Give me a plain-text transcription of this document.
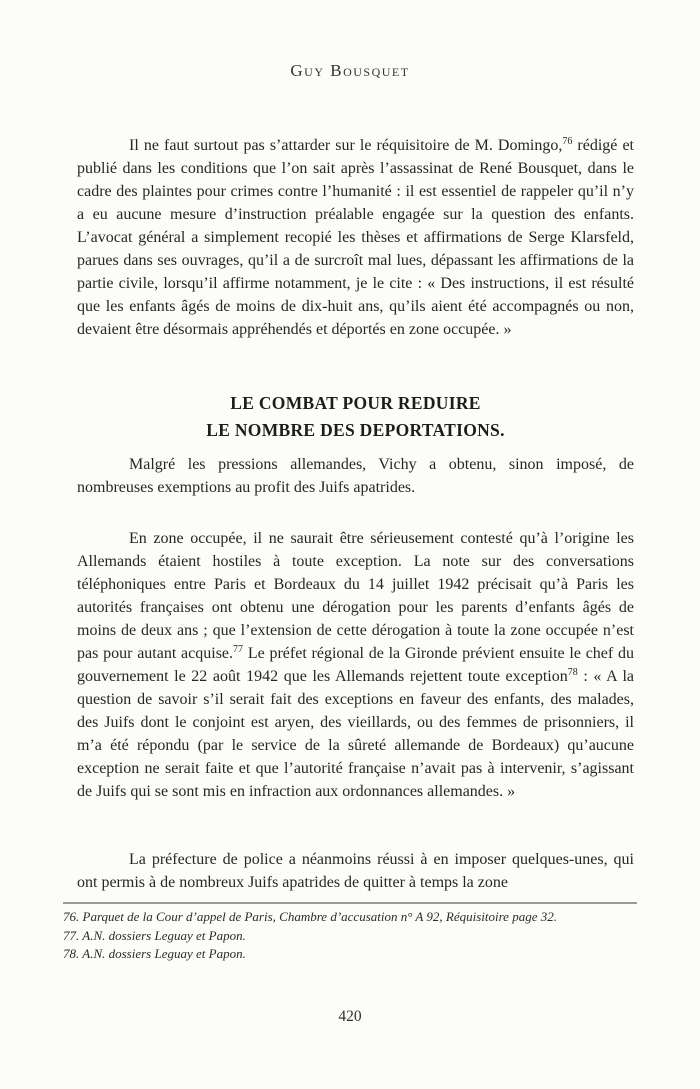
Guy Bousquet

Il ne faut surtout pas s’attarder sur le réquisitoire de M. Domingo,$^{76}$ rédigé et publié dans les conditions que l’on sait après l’assassinat de René Bousquet, dans le cadre des plaintes pour crimes contre l’humanité : il est essentiel de rappeler qu’il n’y a eu aucune mesure d’instruction préalable engagée sur la question des enfants. L’avocat général a simplement recopié les thèses et affirmations de Serge Klarsfeld, parues dans ses ouvrages, qu’il a de surcroît mal lues, dépassant les affirmations de la partie civile, lorsqu’il affirme notamment, je le cite : « Des instructions, il est résulté que les enfants âgés de moins de dix-huit ans, qu’ils aient été accompagnés ou non, devaient être désormais appréhendés et déportés en zone occupée. »

LE COMBAT POUR REDUIRE
LE NOMBRE DES DEPORTATIONS.

Malgré les pressions allemandes, Vichy a obtenu, sinon imposé, de nombreuses exemptions au profit des Juifs apatrides.

En zone occupée, il ne saurait être sérieusement contesté qu’à l’origine les Allemands étaient hostiles à toute exception. La note sur des conversations téléphoniques entre Paris et Bordeaux du 14 juillet 1942 précisait qu’à Paris les autorités françaises ont obtenu une dérogation pour les parents d’enfants âgés de moins de deux ans ; que l’extension de cette dérogation à toute la zone occupée n’est pas pour autant acquise.$^{77}$ Le préfet régional de la Gironde prévient ensuite le chef du gouvernement le 22 août 1942 que les Allemands rejettent toute exception$^{78}$ : « A la question de savoir s’il serait fait des exceptions en faveur des enfants, des malades, des Juifs dont le conjoint est aryen, des vieillards, ou des femmes de prisonniers, il m’a été répondu (par le service de la sûreté allemande de Bordeaux) qu’aucune exception ne serait faite et que l’autorité française n’avait pas à intervenir, s’agissant de Juifs qui se sont mis en infraction aux ordonnances allemandes. »

La préfecture de police a néanmoins réussi à en imposer quelques-unes, qui ont permis à de nombreux Juifs apatrides de quitter à temps la zone

76. Parquet de la Cour d’appel de Paris, Chambre d’accusation n° A 92, Réquisitoire page 32.

77. A.N. dossiers Leguay et Papon.

78. A.N. dossiers Leguay et Papon.

420
